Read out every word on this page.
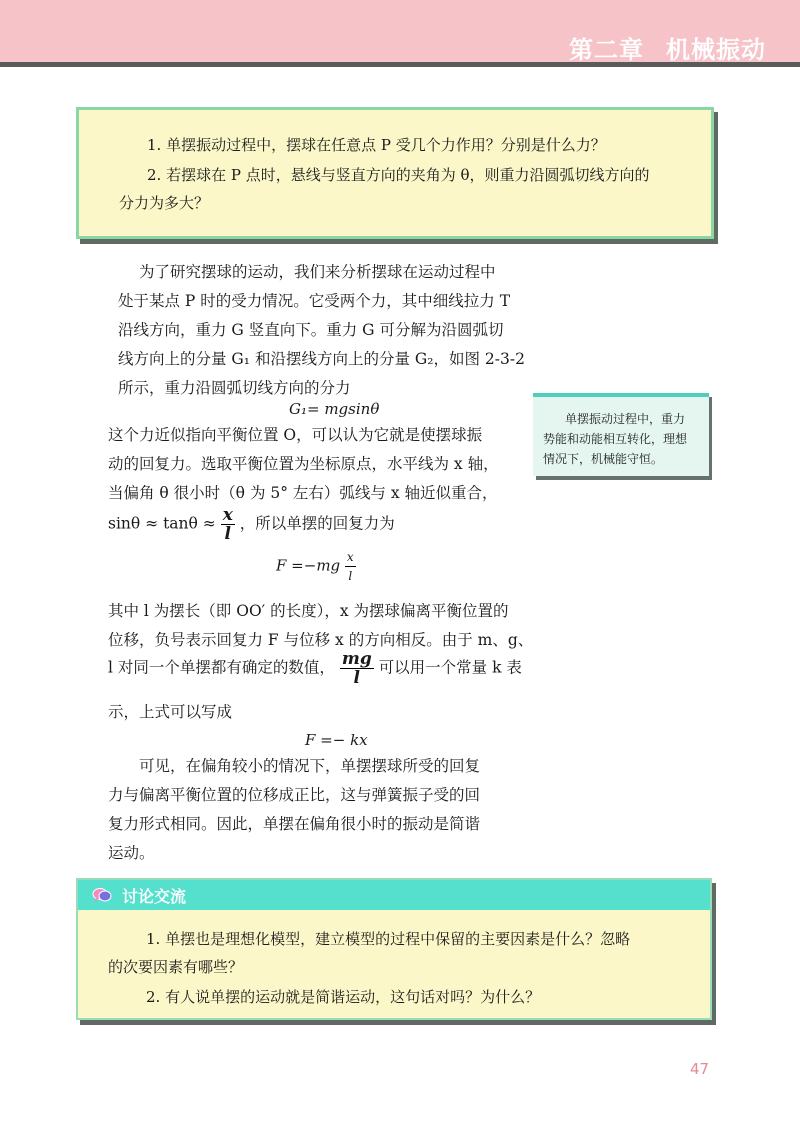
第二章 机械振动

1. 单摆振动过程中，摆球在任意点 P 受几个力作用？分别是什么力？

2. 若摆球在 P 点时，悬线与竖直方向的夹角为 θ，则重力沿圆弧切线方向的

分力为多大？

为了研究摆球的运动，我们来分析摆球在运动过程中
处于某点 P 时的受力情况。它受两个力，其中细线拉力 T
沿线方向，重力 G 竖直向下。重力 G 可分解为沿圆弧切
线方向上的分量 G₁ 和沿摆线方向上的分量 G₂，如图 2-3-2
所示，重力沿圆弧切线方向的分力
G₁= mgsinθ
这个力近似指向平衡位置 O，可以认为它就是使摆球振
动的回复力。选取平衡位置为坐标原点，水平线为 x 轴，
当偏角 θ 很小时（θ 为 5° 左右）弧线与 x 轴近似重合，
$\sin\theta \approx \tan\theta \approx \frac{x}{l}$ ，所以单摆的回复力为
$F =-mg \frac{x}{l}$
其中 l 为摆长（即 OO′ 的长度），x 为摆球偏离平衡位置的
位移，负号表示回复力 F 与位移 x 的方向相反。由于 m、g、
l 对同一个单摆都有确定的数值， $\frac{mg}{l}$ 可以用一个常量 k 表
示，上式可以写成
F =− kx
可见，在偏角较小的情况下，单摆摆球所受的回复
力与偏离平衡位置的位移成正比，这与弹簧振子受的回
复力形式相同。因此，单摆在偏角很小时的振动是简谐
运动。
单摆振动过程中，重力
势能和动能相互转化，理想
情况下，机械能守恒。
讨论交流

1. 单摆也是理想化模型，建立模型的过程中保留的主要因素是什么？忽略

的次要因素有哪些？

2. 有人说单摆的运动就是简谐运动，这句话对吗？为什么？

47
